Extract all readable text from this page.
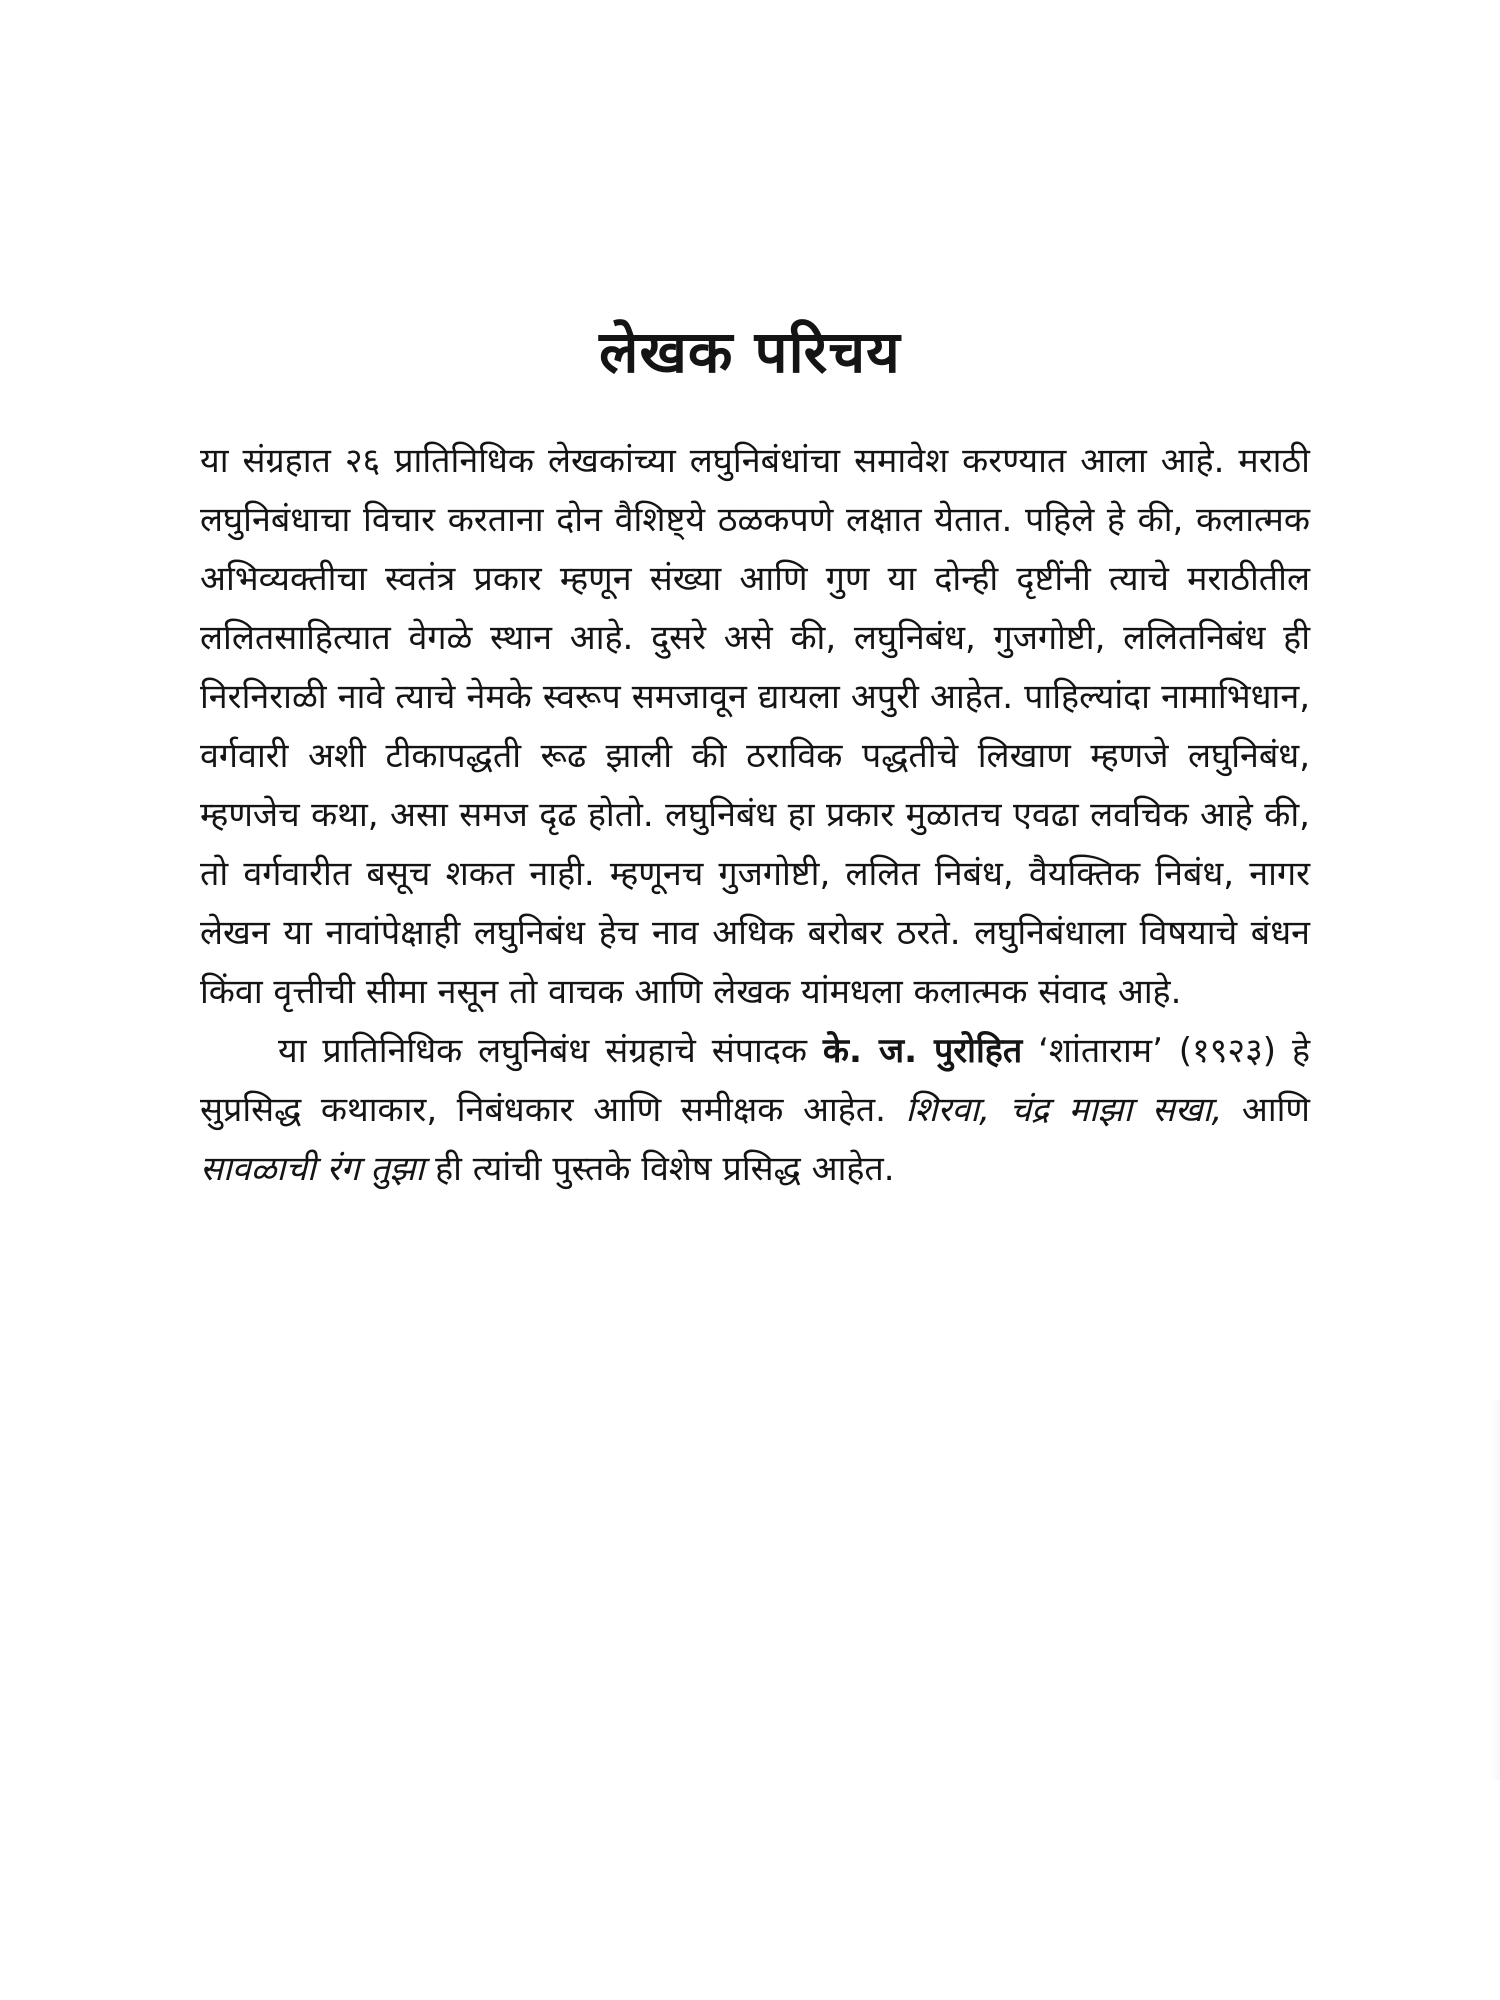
लेखक परिचय

या संग्रहात २६ प्रातिनिधिक लेखकांच्या लघुनिबंधांचा समावेश करण्यात आला आहे. मराठी लघुनिबंधाचा विचार करताना दोन वैशिष्ट्ये ठळकपणे लक्षात येतात. पहिले हे की, कलात्मक अभिव्यक्तीचा स्वतंत्र प्रकार म्हणून संख्या आणि गुण या दोन्ही दृष्टींनी त्याचे मराठीतील ललितसाहित्यात वेगळे स्थान आहे. दुसरे असे की, लघुनिबंध, गुजगोष्टी, ललितनिबंध ही निरनिराळी नावे त्याचे नेमके स्वरूप समजावून द्यायला अपुरी आहेत. पाहिल्यांदा नामाभिधान, वर्गवारी अशी टीकापद्धती रूढ झाली की ठराविक पद्धतीचे लिखाण म्हणजे लघुनिबंध, म्हणजेच कथा, असा समज दृढ होतो. लघुनिबंध हा प्रकार मुळातच एवढा लवचिक आहे की, तो वर्गवारीत बसूच शकत नाही. म्हणूनच गुजगोष्टी, ललित निबंध, वैयक्तिक निबंध, नागर लेखन या नावांपेक्षाही लघुनिबंध हेच नाव अधिक बरोबर ठरते. लघुनिबंधाला विषयाचे बंधन किंवा वृत्तीची सीमा नसून तो वाचक आणि लेखक यांमधला कलात्मक संवाद आहे.

या प्रातिनिधिक लघुनिबंध संग्रहाचे संपादक के. ज. पुरोहित ‘शांताराम’ (१९२३) हे सुप्रसिद्ध कथाकार, निबंधकार आणि समीक्षक आहेत. शिरवा, चंद्र माझा सखा, आणि सावळाची रंग तुझा ही त्यांची पुस्तके विशेष प्रसिद्ध आहेत.
